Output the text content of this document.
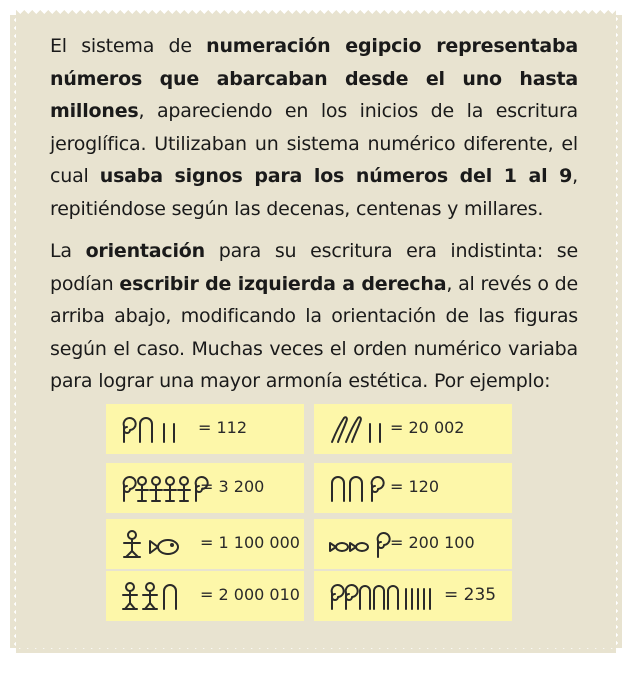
El sistema de numeración egipcio representaba números que abarcaban desde el uno hasta millones, apareciendo en los inicios de la escritura jeroglífica. Utilizaban un sistema numérico diferente, el cual usaba signos para los números del 1 al 9, repitiéndose según las decenas, centenas y millares.
La orientación para su escritura era indistinta: se podían escribir de izquierda a derecha, al revés o de arriba abajo, modificando la orientación de las figuras según el caso. Muchas veces el orden numérico variaba para lograr una mayor armonía estética. Por ejemplo:
= 112	= 20 002
= 3 200	= 120
= 1 100 000	= 200 100
= 2 000 010	= 235
